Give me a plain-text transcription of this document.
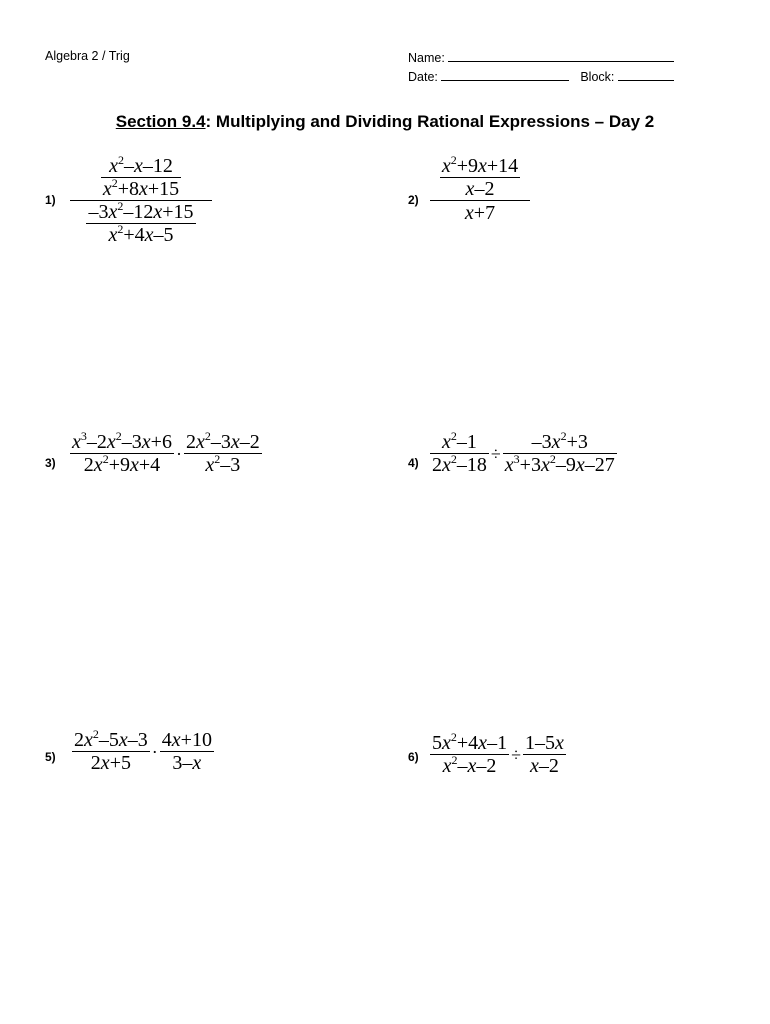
Algebra 2 / Trig	Name:
Date:	Block:
Section 9.4: Multiplying and Dividing Rational Expressions – Day 2
1)
$\frac{x^2-x-12}{x^2+8x+15}$
$\frac{-3x^2-12x+15}{x^2+4x-5}$
2)
$\frac{x^2+9x+14}{x-2}$
x+7
$3) \frac{x^3-2x^2-3x+6}{2x^2+9x+4} \cdot \frac{2x^2-3x-2}{x^2-3}$	$4) \frac{x^2-1}{2x^2-18} \div \frac{-3x^2+3}{x^3+3x^2-9x-27}$
$5) \frac{2x^2-5x-3}{2x+5} \cdot \frac{4x+10}{3-x}$	$6) \frac{5x^2+4x-1}{x^2-x-2} \div \frac{1-5x}{x-2}$
